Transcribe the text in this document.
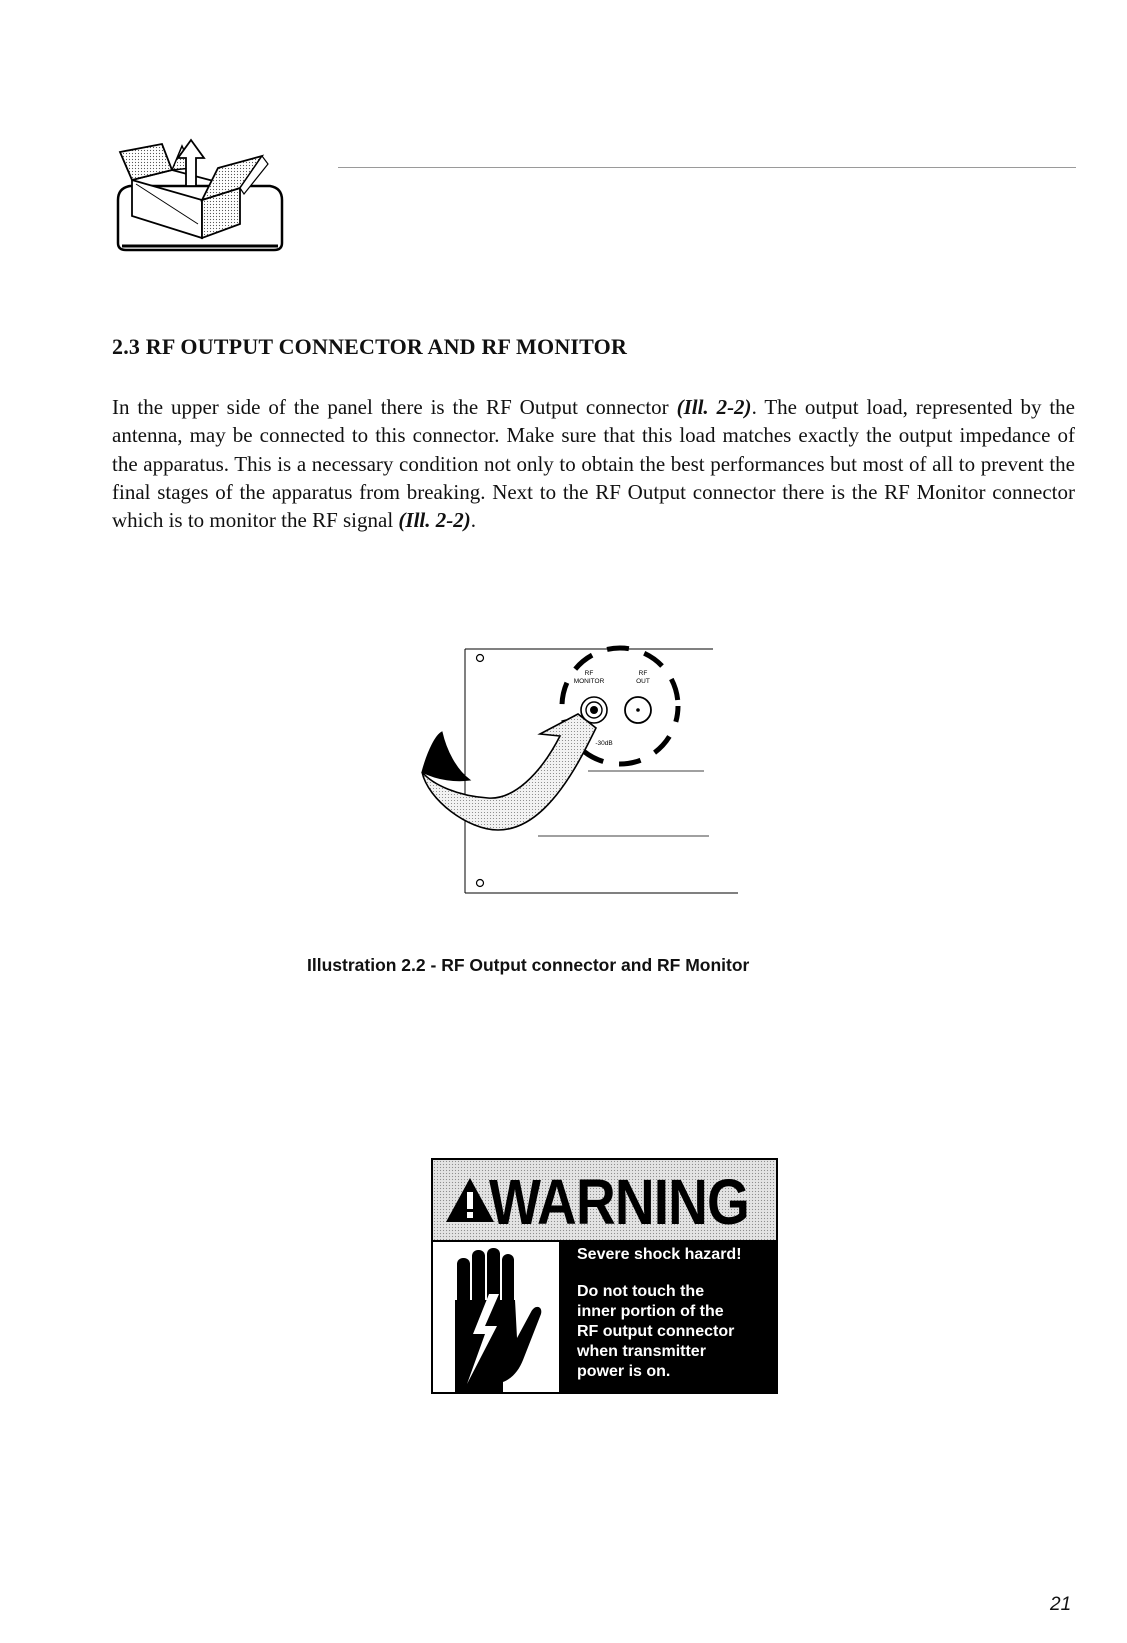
2.3 RF OUTPUT CONNECTOR AND RF MONITOR

In the upper side of the panel there is the RF Output connector (Ill. 2-2). The output load, represented by the antenna, may be connected to this connector. Make sure that this load matches exactly the output impedance of the apparatus. This is a necessary condition not only to obtain the best performances but most of all to prevent the final stages of the apparatus from breaking. Next to the RF Output connector there is the RF Monitor connector which is to monitor the RF signal (Ill. 2-2).

RF
MONITOR
RF
OUT
-30dB

Illustration 2.2 - RF Output connector and RF Monitor

WARNING

Severe shock hazard!

Do not touch the
inner portion of the
RF output connector
when transmitter
power is on.

21
